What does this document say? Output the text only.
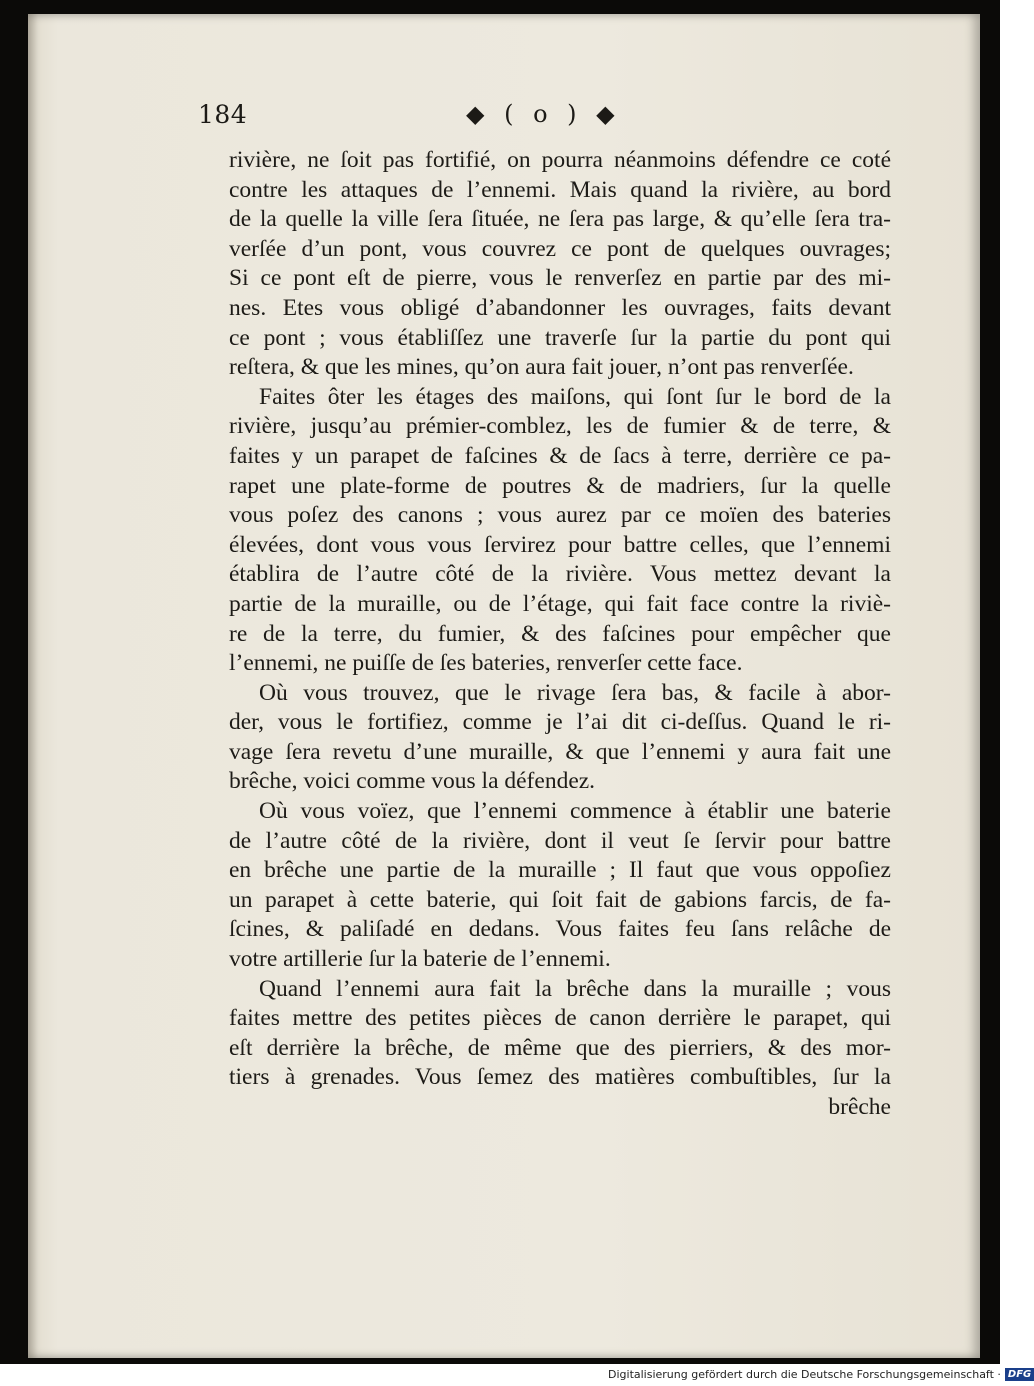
184	◆ ( o ) ◆
rivière, ne ſoit pas fortifié, on pourra néanmoins défendre ce coté
contre les attaques de l’ennemi. Mais quand la rivière, au bord
de la quelle la ville ſera ſituée, ne ſera pas large, & qu’elle ſera tra-
verſée d’un pont, vous couvrez ce pont de quelques ouvrages;
Si ce pont eſt de pierre, vous le renverſez en partie par des mi-
nes. Etes vous obligé d’abandonner les ouvrages, faits devant
ce pont ; vous établiſſez une traverſe ſur la partie du pont qui
reſtera, & que les mines, qu’on aura fait jouer, n’ont pas renverſée.
Faites ôter les étages des maiſons, qui ſont ſur le bord de la
rivière, jusqu’au prémier-comblez, les de fumier & de terre, &
faites y un parapet de faſcines & de ſacs à terre, derrière ce pa-
rapet une plate-forme de poutres & de madriers, ſur la quelle
vous poſez des canons ; vous aurez par ce moïen des bateries
élevées, dont vous vous ſervirez pour battre celles, que l’ennemi
établira de l’autre côté de la rivière. Vous mettez devant la
partie de la muraille, ou de l’étage, qui fait face contre la riviè-
re de la terre, du fumier, & des faſcines pour empêcher que
l’ennemi, ne puiſſe de ſes bateries, renverſer cette face.
Où vous trouvez, que le rivage ſera bas, & facile à abor-
der, vous le fortifiez, comme je l’ai dit ci-deſſus. Quand le ri-
vage ſera revetu d’une muraille, & que l’ennemi y aura fait une
brêche, voici comme vous la défendez.
Où vous voïez, que l’ennemi commence à établir une baterie
de l’autre côté de la rivière, dont il veut ſe ſervir pour battre
en brêche une partie de la muraille ; Il faut que vous oppoſiez
un parapet à cette baterie, qui ſoit fait de gabions farcis, de fa-
ſcines, & paliſadé en dedans. Vous faites feu ſans relâche de
votre artillerie ſur la baterie de l’ennemi.
Quand l’ennemi aura fait la brêche dans la muraille ; vous
faites mettre des petites pièces de canon derrière le parapet, qui
eſt derrière la brêche, de même que des pierriers, & des mor-
tiers à grenades. Vous ſemez des matières combuſtibles, ſur la
brêche
Digitalisierung gefördert durch die Deutsche Forschungsgemeinschaft · DFG
